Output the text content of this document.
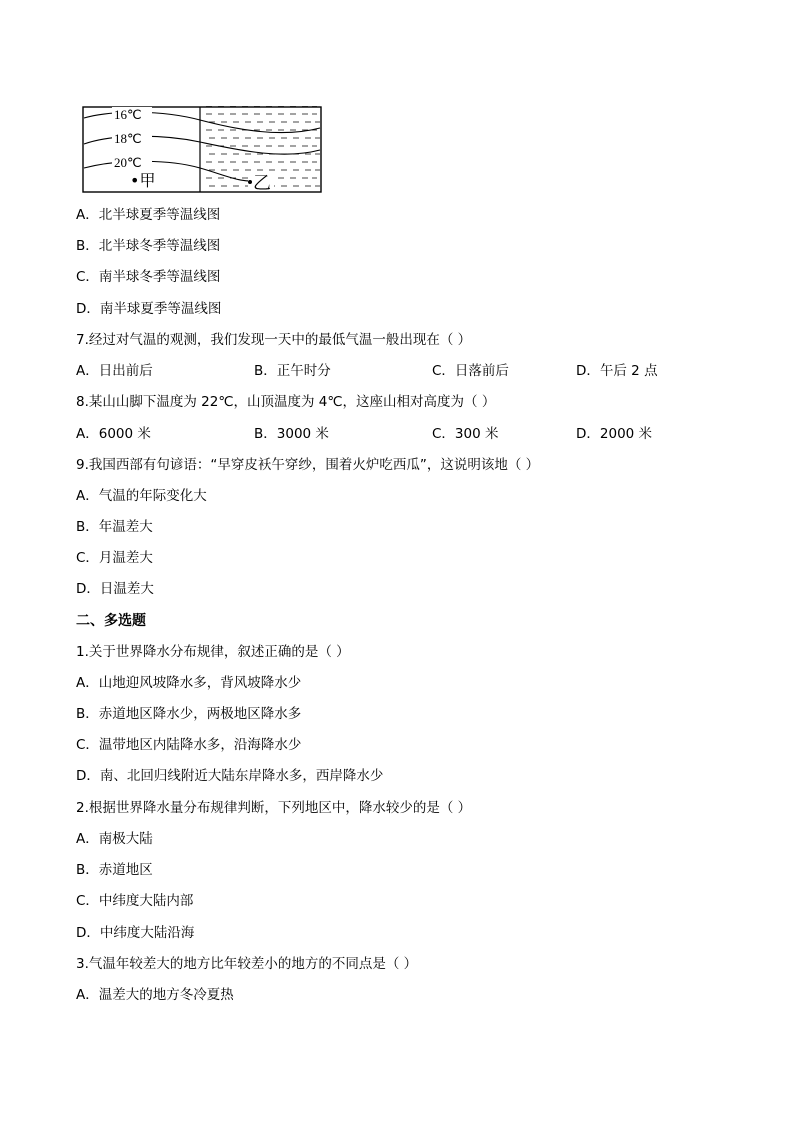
16℃
18℃
20℃
•甲	乙
A．北半球夏季等温线图
B．北半球冬季等温线图
C．南半球冬季等温线图
D．南半球夏季等温线图
7.经过对气温的观测，我们发现一天中的最低气温一般出现在（ ）
A．日出前后	B．正午时分	C．日落前后	D．午后 2 点
8.某山山脚下温度为 22℃，山顶温度为 4℃，这座山相对高度为（ ）
A．6000 米	B．3000 米	C．300 米	D．2000 米
9.我国西部有句谚语：“早穿皮袄午穿纱，围着火炉吃西瓜”，这说明该地（ ）
A．气温的年际变化大
B．年温差大
C．月温差大
D．日温差大
二、多选题
1.关于世界降水分布规律，叙述正确的是（ ）
A．山地迎风坡降水多，背风坡降水少
B．赤道地区降水少，两极地区降水多
C．温带地区内陆降水多，沿海降水少
D．南、北回归线附近大陆东岸降水多，西岸降水少
2.根据世界降水量分布规律判断，下列地区中，降水较少的是（ ）
A．南极大陆
B．赤道地区
C．中纬度大陆内部
D．中纬度大陆沿海
3.气温年较差大的地方比年较差小的地方的不同点是（ ）
A．温差大的地方冬冷夏热
